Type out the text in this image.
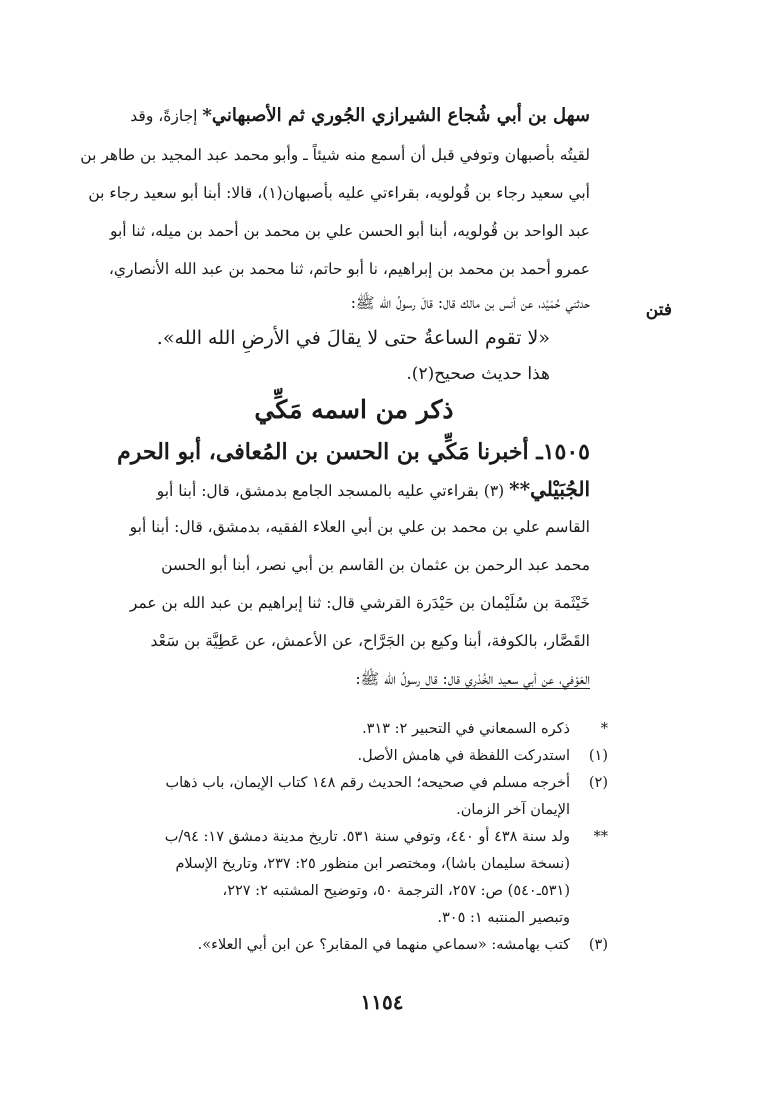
سهل بن أبي شُجاع الشيرازي الجُوري ثم الأصبهاني* إجازةً، وقد
لقيتُه بأصبهان وتوفي قبل أن أسمع منه شيئاً ـ وأبو محمد عبد المجيد بن طاهر بن
أبي سعيد رجاء بن قُولويه، بقراءتي عليه بأصبهان(١)، قالا: أبنا أبو سعيد رجاء بن
عبد الواحد بن قُولويه، أبنا أبو الحسن علي بن محمد بن أحمد بن ميله، ثنا أبو
عمرو أحمد بن محمد بن إبراهيم، نا أبو حاتم، ثنا محمد بن عبد الله الأنصاري،
حدثني حُمَيْد، عن أنس بن مالك قال: قالَ رسولُ الله ﷺ:
«لا تقوم الساعةُ حتى لا يقالَ في الأرضِ الله الله».
هذا حديث صحيح(٢).
فتن
ذكر من اسمه مَكِّي
١٥٠٥ـ أخبرنا مَكِّي بن الحسن بن المُعافى، أبو الحرم
الجُبَيْلي** (٣) بقراءتي عليه بالمسجد الجامع بدمشق، قال: أبنا أبو
القاسم علي بن محمد بن علي بن أبي العلاء الفقيه، بدمشق، قال: أبنا أبو
محمد عبد الرحمن بن عثمان بن القاسم بن أبي نصر، أبنا أبو الحسن
خَيْثَمة بن سُلَيْمان بن حَيْدَرة القرشي قال: ثنا إبراهيم بن عبد الله بن عمر
القَصَّار، بالكوفة، أبنا وكيع بن الجَرَّاح، عن الأعمش، عن عَطِيَّة بن سَعْد
العَوْفي، عن أبي سعيد الخُدْرِي قال: قال رسولُ الله ﷺ:
*
ذكره السمعاني في التحبير ٢: ٣١٣.
(١)
استدركت اللفظة في هامش الأصل.
(٢)
أخرجه مسلم في صحيحه؛ الحديث رقم ١٤٨ كتاب الإيمان، باب ذهاب
الإيمان آخر الزمان.
**
ولد سنة ٤٣٨ أو ٤٤٠، وتوفي سنة ٥٣١. تاريخ مدينة دمشق ١٧: ٩٤/ب
(نسخة سليمان باشا)، ومختصر ابن منظور ٢٥: ٢٣٧، وتاريخ الإسلام
(٥٣١ـ٥٤٠) ص: ٢٥٧، الترجمة ٥٠، وتوضيح المشتبه ٢: ٢٢٧،
وتبصير المنتبه ١: ٣٠٥.
(٣)
كتب بهامشه: «سماعي منهما في المقابر؟ عن ابن أبي العلاء».
١١٥٤
